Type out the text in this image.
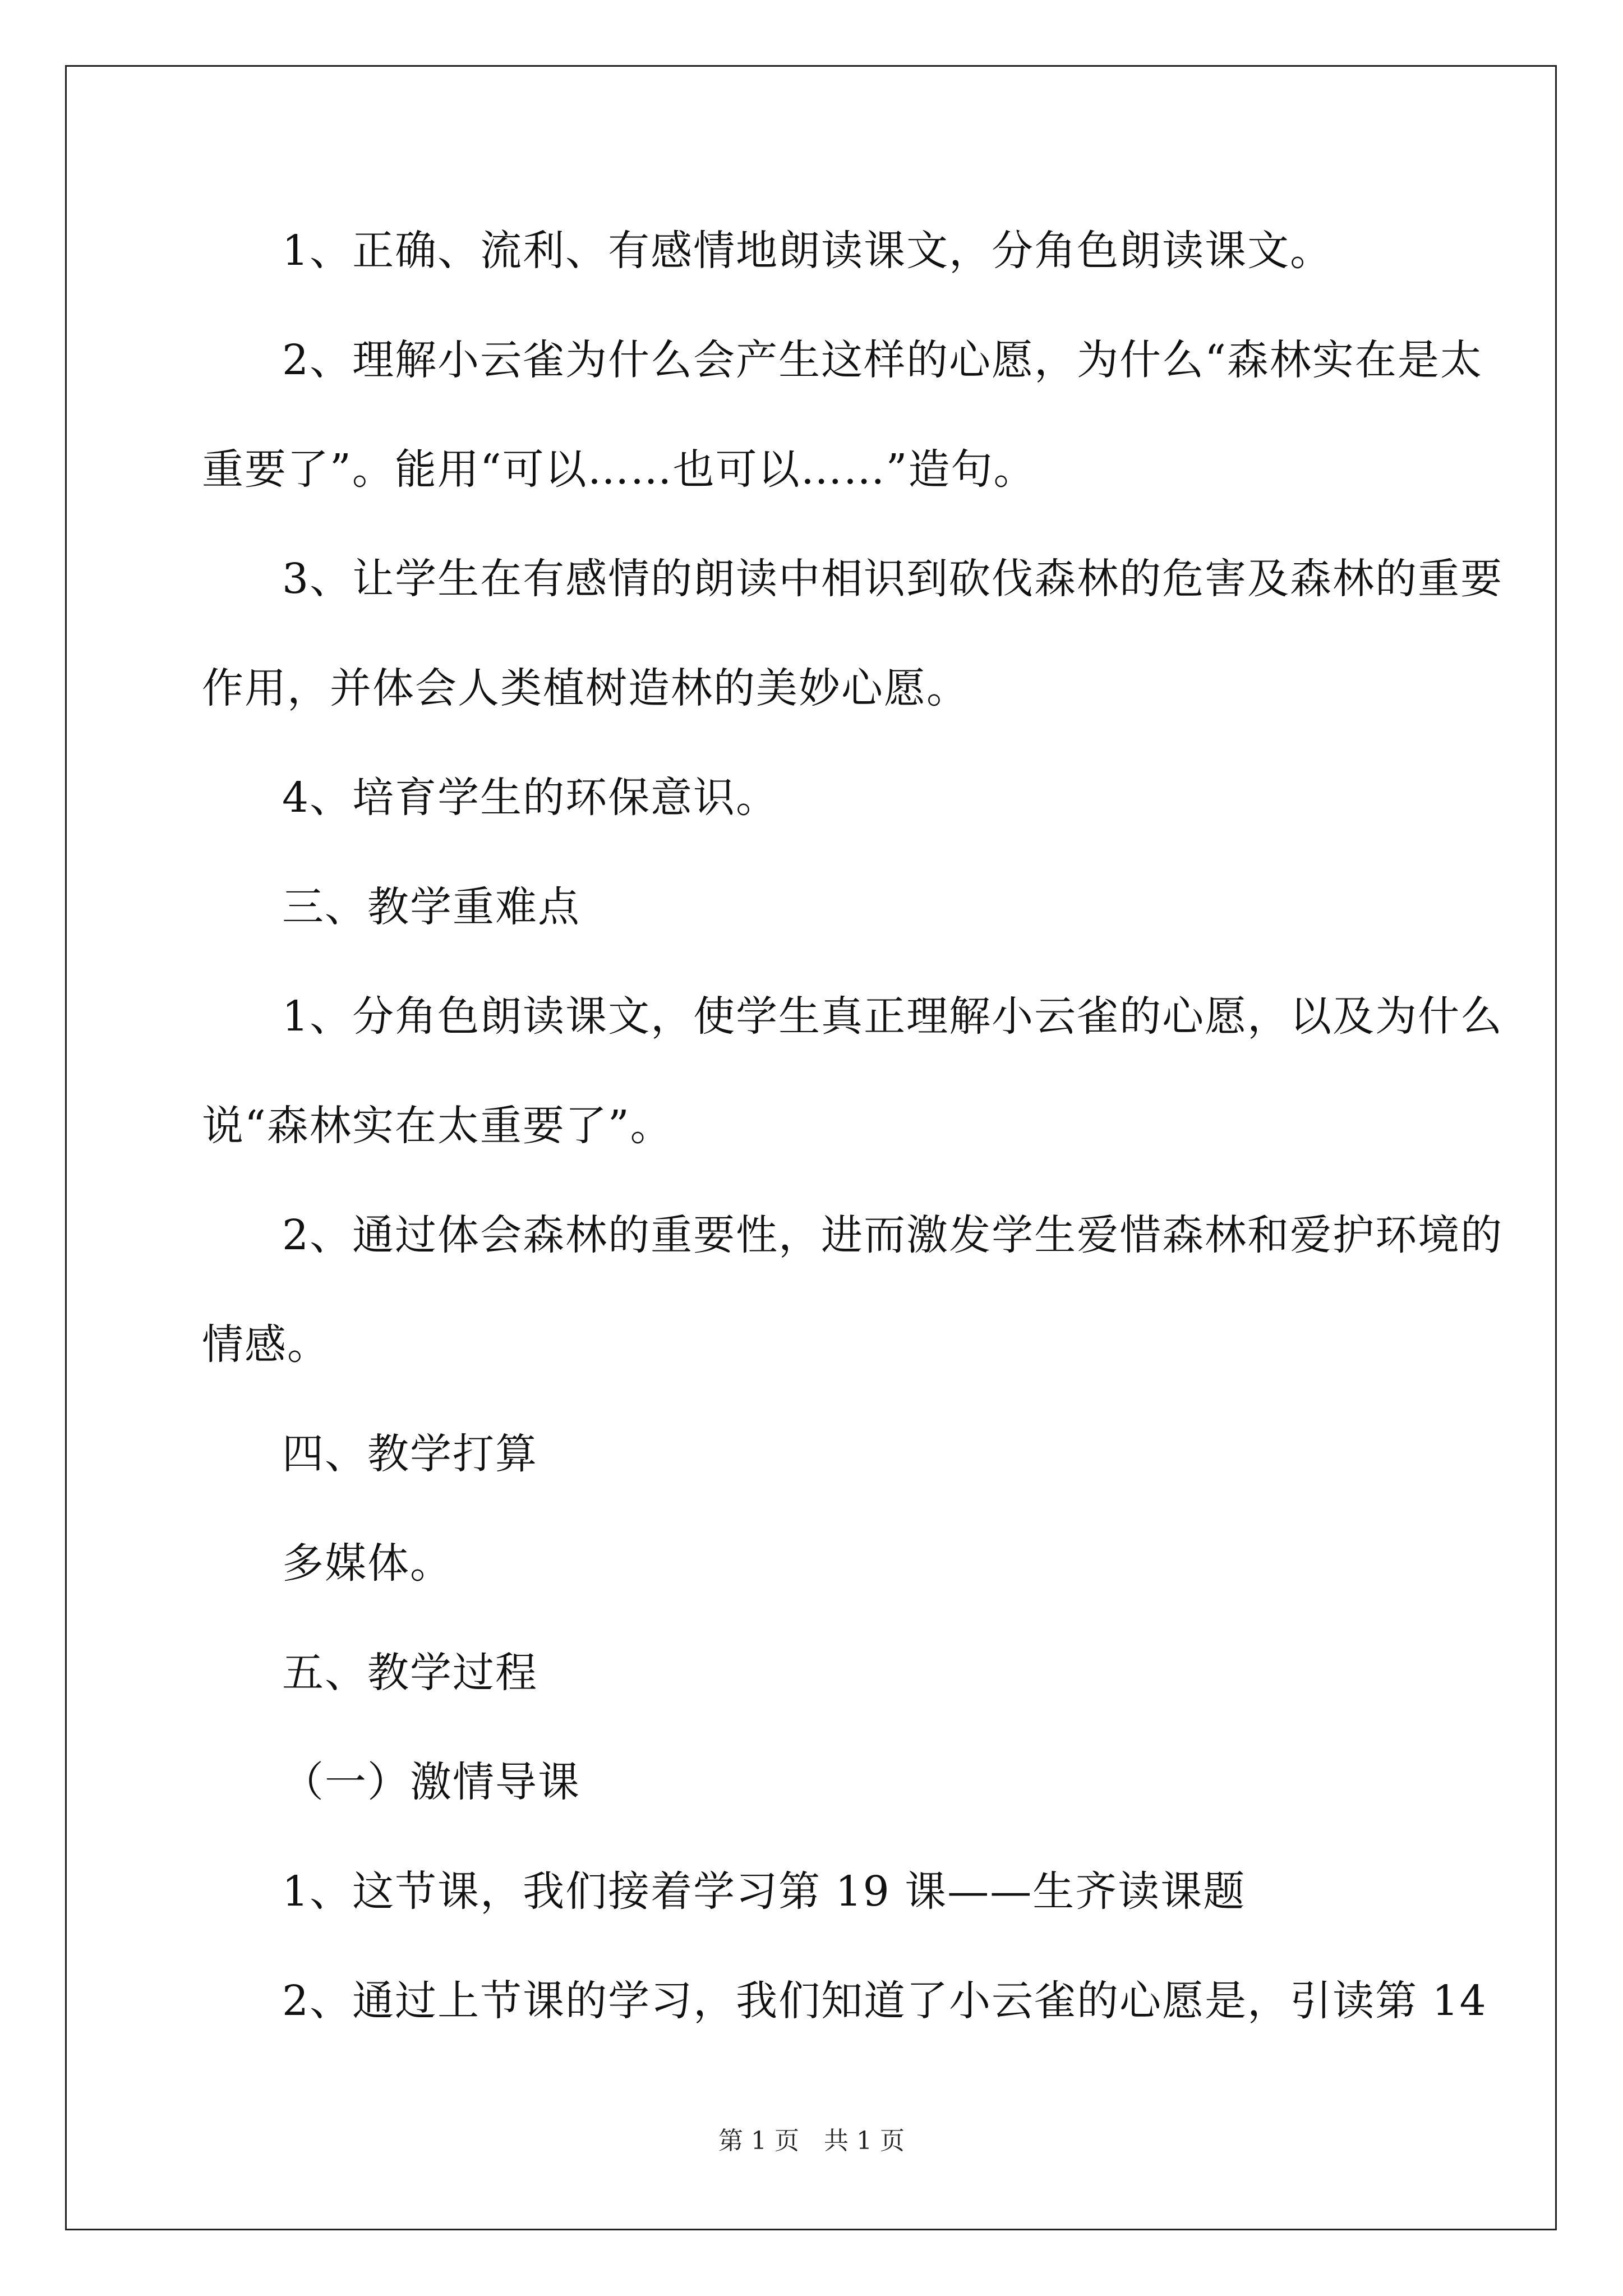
1、正确、流利、有感情地朗读课文，分角色朗读课文。
2、理解小云雀为什么会产生这样的心愿，为什么“森林实在是太
重要了”。能用“可以……也可以……”造句。
3、让学生在有感情的朗读中相识到砍伐森林的危害及森林的重要
作用，并体会人类植树造林的美妙心愿。
4、培育学生的环保意识。
三、教学重难点
1、分角色朗读课文，使学生真正理解小云雀的心愿，以及为什么
说“森林实在太重要了”。
2、通过体会森林的重要性，进而激发学生爱惜森林和爱护环境的
情感。
四、教学打算
多媒体。
五、教学过程
（一）激情导课
1、这节课，我们接着学习第 19 课——生齐读课题
2、通过上节课的学习，我们知道了小云雀的心愿是，引读第 14
第 1 页　共 1 页
